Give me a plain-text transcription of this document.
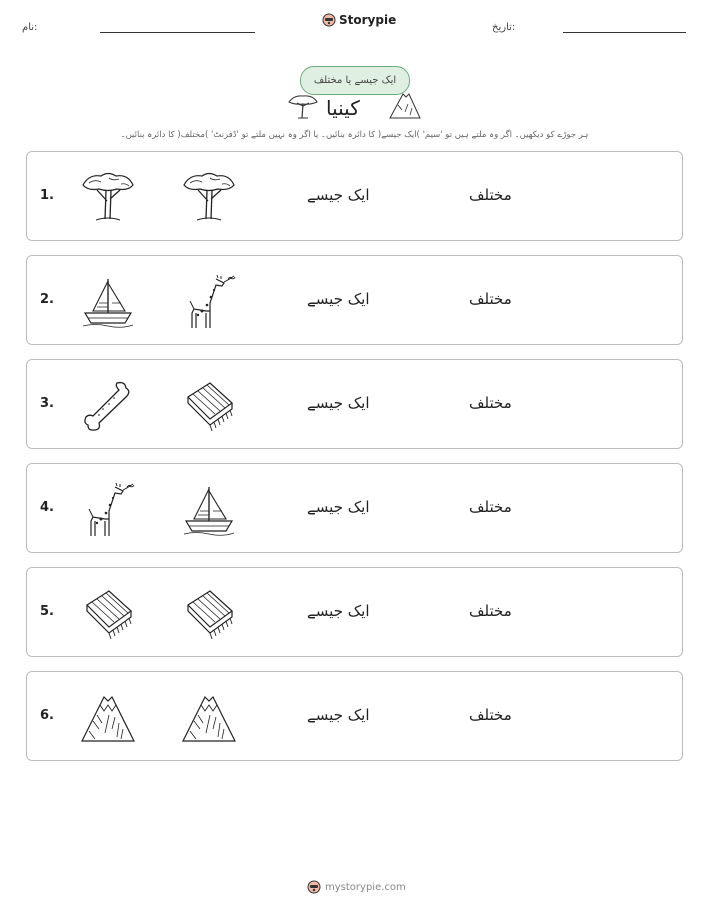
نام:
Storypie
تاریخ:
ایک جیسے یا مختلف
کینیا
ہر جوڑے کو دیکھیں۔ اگر وہ ملتے ہیں تو 'سیم' )ایک جیسے( کا دائرہ بنائیں۔ یا اگر وہ نہیں ملتے تو 'ڈفرنٹ' )مختلف( کا دائرہ بنائیں۔
1.	ایک جیسے	مختلف
2.	ایک جیسے	مختلف
3.	ایک جیسے	مختلف
4.	ایک جیسے	مختلف
5.	ایک جیسے	مختلف
6.	ایک جیسے	مختلف
mystorypie.com
